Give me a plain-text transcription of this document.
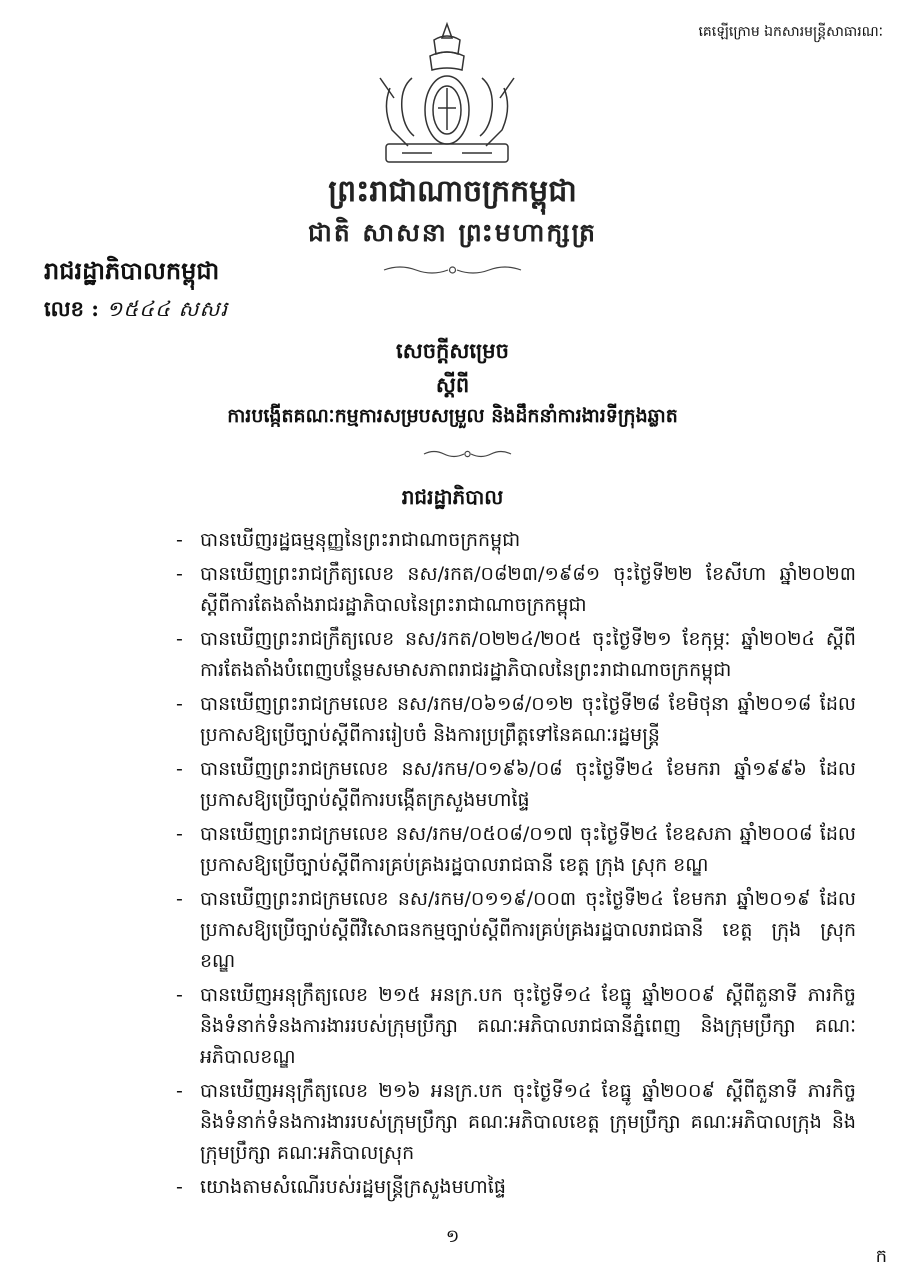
គេឡើក្រោម ឯកសារមន្ត្រីសាធារណៈ
ព្រះរាជាណាចក្រកម្ពុជា
ជាតិ សាសនា ព្រះមហាក្សត្រ
រាជរដ្ឋាភិបាលកម្ពុជា
លេខ : ១៥៤៤ សសរ
សេចក្តីសម្រេច
ស្តីពី
ការបង្កើតគណៈកម្មការសម្របសម្រួល និងដឹកនាំការងារទីក្រុងឆ្លាត
រាជរដ្ឋាភិបាល
- បានឃើញរដ្ឋធម្មនុញ្ញនៃព្រះរាជាណាចក្រកម្ពុជា
- បានឃើញព្រះរាជក្រឹត្យលេខ នស/រកត/០៨២៣/១៩៨១ ចុះថ្ងៃទី២២ ខែសីហា ឆ្នាំ២០២៣ ស្តីពីការតែងតាំងរាជរដ្ឋាភិបាលនៃព្រះរាជាណាចក្រកម្ពុជា
- បានឃើញព្រះរាជក្រឹត្យលេខ នស/រកត/០២២៤/២០៥ ចុះថ្ងៃទី២១ ខែកុម្ភៈ ឆ្នាំ២០២៤ ស្តីពីការតែងតាំងបំពេញបន្ថែមសមាសភាពរាជរដ្ឋាភិបាលនៃព្រះរាជាណាចក្រកម្ពុជា
- បានឃើញព្រះរាជក្រមលេខ នស/រកម/០៦១៨/០១២ ចុះថ្ងៃទី២៨ ខែមិថុនា ឆ្នាំ២០១៨ ដែលប្រកាសឱ្យប្រើច្បាប់ស្តីពីការរៀបចំ និងការប្រព្រឹត្តទៅនៃគណៈរដ្ឋមន្ត្រី
- បានឃើញព្រះរាជក្រមលេខ នស/រកម/០១៩៦/០៨ ចុះថ្ងៃទី២៤ ខែមករា ឆ្នាំ១៩៩៦ ដែលប្រកាសឱ្យប្រើច្បាប់ស្តីពីការបង្កើតក្រសួងមហាផ្ទៃ
- បានឃើញព្រះរាជក្រមលេខ នស/រកម/០៥០៨/០១៧ ចុះថ្ងៃទី២៤ ខែឧសភា ឆ្នាំ២០០៨ ដែលប្រកាសឱ្យប្រើច្បាប់ស្តីពីការគ្រប់គ្រងរដ្ឋបាលរាជធានី ខេត្ត ក្រុង ស្រុក ខណ្ឌ
- បានឃើញព្រះរាជក្រមលេខ នស/រកម/០១១៩/០០៣ ចុះថ្ងៃទី២៤ ខែមករា ឆ្នាំ២០១៩ ដែលប្រកាសឱ្យប្រើច្បាប់ស្តីពីវិសោធនកម្មច្បាប់ស្តីពីការគ្រប់គ្រងរដ្ឋបាលរាជធានី ខេត្ត ក្រុង ស្រុក ខណ្ឌ
- បានឃើញអនុក្រឹត្យលេខ ២១៥ អនក្រ.បក ចុះថ្ងៃទី១៤ ខែធ្នូ ឆ្នាំ២០០៩ ស្តីពីតួនាទី ភារកិច្ច និងទំនាក់ទំនងការងាររបស់ក្រុមប្រឹក្សា គណៈអភិបាលរាជធានីភ្នំពេញ និងក្រុមប្រឹក្សា គណៈអភិបាលខណ្ឌ
- បានឃើញអនុក្រឹត្យលេខ ២១៦ អនក្រ.បក ចុះថ្ងៃទី១៤ ខែធ្នូ ឆ្នាំ២០០៩ ស្តីពីតួនាទី ភារកិច្ច និងទំនាក់ទំនងការងាររបស់ក្រុមប្រឹក្សា គណៈអភិបាលខេត្ត ក្រុមប្រឹក្សា គណៈអភិបាលក្រុង និងក្រុមប្រឹក្សា គណៈអភិបាលស្រុក
- យោងតាមសំណើរបស់រដ្ឋមន្ត្រីក្រសួងមហាផ្ទៃ
១
ក
